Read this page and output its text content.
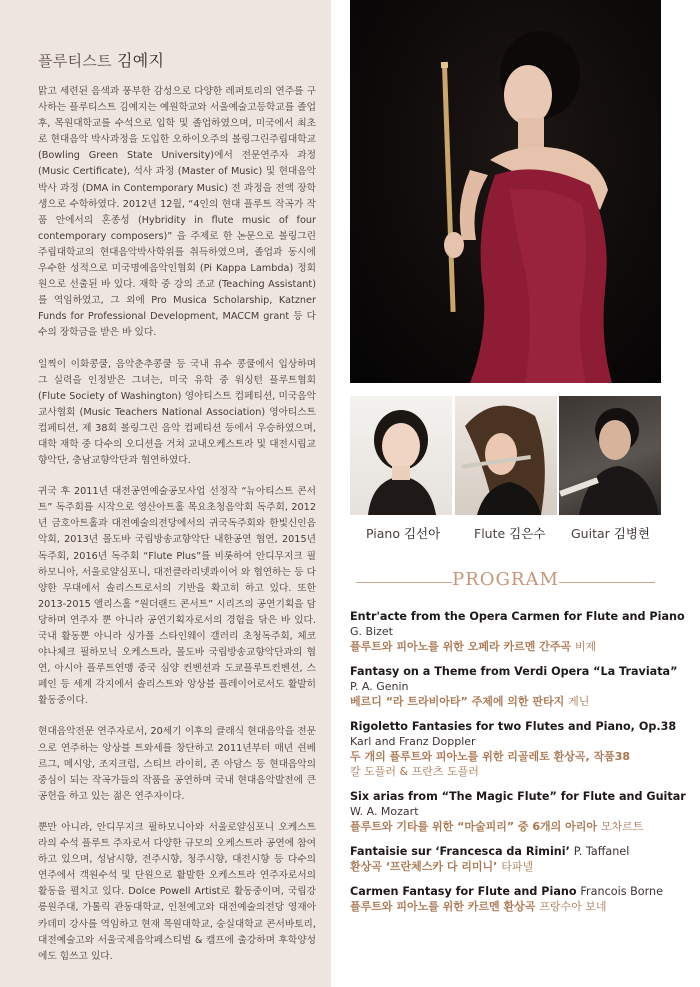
플루티스트 김예지

맑고 세련된 음색과 풍부한 감성으로 다양한 레퍼토리의 연주를 구사하는 플루티스트 김예지는 예원학교와 서울예술고등학교를 졸업 후, 목원대학교를 수석으로 입학 및 졸업하였으며, 미국에서 최초로 현대음악 박사과정을 도입한 오하이오주의 볼링그린주립대학교(Bowling Green State University)에서 전문연주자 과정 (Music Certificate), 석사 과정 (Master of Music) 및 현대음악 박사 과정 (DMA in Contemporary Music) 전 과정을 전액 장학생으로 수학하였다. 2012년 12월, “4인의 현대 플루트 작곡가 작품 안에서의 혼종성 (Hybridity in flute music of four contemporary composers)” 을 주제로 한 논문으로 볼링그린 주립대학교의 현대음악박사학위를 취득하였으며, 졸업과 동시에 우수한 성적으로 미국명예음악인협회 (Pi Kappa Lambda) 정회원으로 선출된 바 있다. 재학 중 강의 조교 (Teaching Assistant)를 역임하였고, 그 외에 Pro Musica Scholarship, Katzner Funds for Professional Development, MACCM grant 등 다수의 장학금을 받은 바 있다.

일찍이 이화콩쿨, 음악춘추콩쿨 등 국내 유수 콩쿨에서 입상하며 그 실력을 인정받은 그녀는, 미국 유학 중 워싱턴 플루트협회 (Flute Society of Washington) 영아티스트 컴페티션, 미국음악교사협회 (Music Teachers National Association) 영아티스트 컴페티션, 제 38회 볼링그린 음악 컴페티션 등에서 우승하였으며, 대학 재학 중 다수의 오디션을 거쳐 교내오케스트라 및 대전시립교향악단, 충남교향악단과 협연하였다.

귀국 후 2011년 대전공연예술공모사업 선정작 “뉴아티스트 콘서트” 독주회를 시작으로 영산아트홀 목요초청음악회 독주회, 2012년 금호아트홀과 대전예술의전당에서의 귀국독주회와 한빛신인음악회, 2013년 몰도바 국립방송교향악단 내한공연 협연, 2015년 독주회, 2016년 독주회 “Flute Plus”를 비롯하여 안디무지크 필하모니아, 서울로얄심포니, 대전클라리넷콰이어 와 협연하는 등 다양한 무대에서 솔리스트로서의 기반을 확고히 하고 있다. 또한 2013-2015 앨리스홀 “원더랜드 콘서트” 시리즈의 공연기획을 담당하며 연주자 뿐 아니라 공연기획자로서의 경험을 닦은 바 있다. 국내 활동뿐 아니라 싱가폴 스타인웨이 갤러리 초청독주회, 체코 야나체크 필하모닉 오케스트라, 몰도바 국립방송교향악단과의 협연, 아시아 플루트연맹 중국 심양 컨벤션과 도쿄플루트컨벤션, 스페인 등 세계 각지에서 솔리스트와 앙상블 플레이어로서도 활발히 활동중이다.

현대음악전문 연주자로서, 20세기 이후의 클래식 현대음악을 전문으로 연주하는 앙상블 트와세를 창단하고 2011년부터 매년 쉰베르그, 메시앙, 조지크럼, 스티브 라이히, 존 아담스 등 현대음악의 중심이 되는 작곡가들의 작품을 공연하며 국내 현대음악발전에 큰 공헌을 하고 있는 젊은 연주자이다.

뿐만 아니라, 안디무지크 필하모니아와 서울로얄심포니 오케스트라의 수석 플루트 주자로서 다양한 규모의 오케스트라 공연에 참여하고 있으며, 성남시향, 전주시향, 청주시향, 대전시향 등 다수의 연주에서 객원수석 및 단원으로 활발한 오케스트라 연주자로서의 활동을 펼치고 있다. Dolce Powell Artist로 활동중이며, 국립강릉원주대, 가톨릭 관동대학교, 인천예고와 대전예술의전당 영재아카데미 강사를 역임하고 현재 목원대학교, 숭실대학교 콘서바토리, 대전예술고와 서울국제음악페스티벌 & 캠프에 출강하며 후학양성에도 힘쓰고 있다.

Piano 김선아	Flute 김은수 Guitar 김병현
PROGRAM
Entr'acte from the Opera Carmen for Flute and Piano
G. Bizet
플루트와 피아노를 위한 오페라 카르멘 간주곡 비제
Fantasy on a Theme from Verdi Opera “La Traviata”
P. A. Genin
베르디 “라 트라비아타” 주제에 의한 판타지 게닌
Rigoletto Fantasies for two Flutes and Piano, Op.38
Karl and Franz Doppler
두 개의 플루트와 피아노를 위한 리골레토 환상곡, 작품38
칼 도플러 & 프란츠 도플러
Six arias from “The Magic Flute” for Flute and Guitar
W. A. Mozart
플루트와 기타를 위한 “마술피리” 중 6개의 아리아 모차르트
Fantaisie sur ‘Francesca da Rimini’ P. Taffanel
환상곡 ‘프란체스카 다 리미니’ 타파넬
Carmen Fantasy for Flute and Piano Francois Borne
플루트와 피아노를 위한 카르멘 환상곡 프랑수아 보네
